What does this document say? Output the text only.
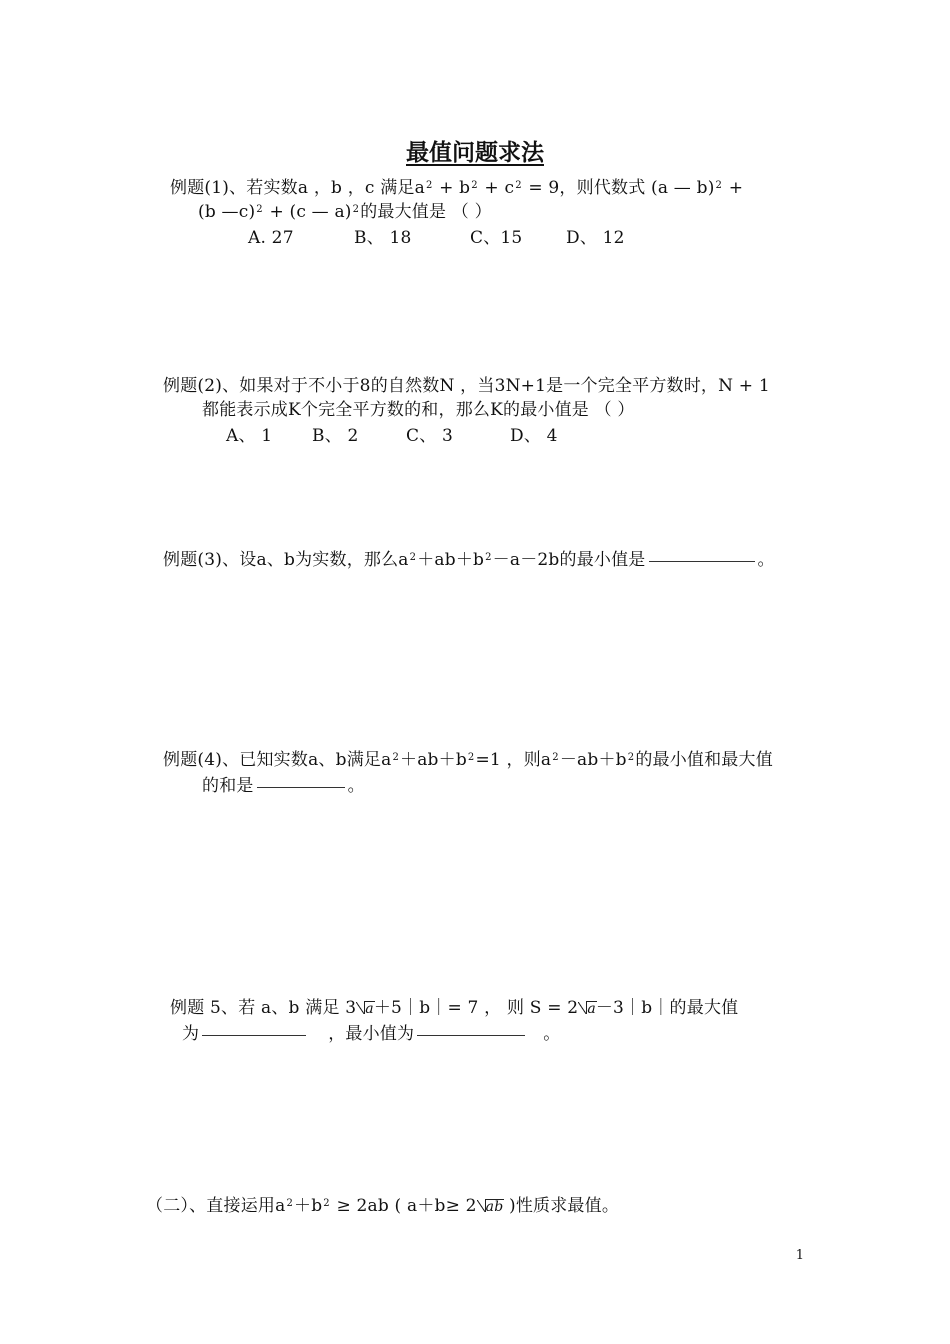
最值问题求法
例题(1)、若实数a ，b ，c 满足$a^2 + b^2 + c^2 = 9$，则代数式 (a — b)$^2$ +
(b —c)$^2$ + (c — a)$^2$的最大值是 （ ）
A. 27	B、 18	C、15	D、 12
例题(2)、如果对于不小于8的自然数N ，当3N+1是一个完全平方数时，N + 1
都能表示成K个完全平方数的和，那么K的最小值是 （ ）
A、 1 B、 2	C、 3	D、 4
例题(3)、设a、b为实数，那么$a^2+ab+b^2-a-2b$的最小值是	。
例题(4)、已知实数a、b满足$a^2+ab+b^2=1$ ，则$a^2-ab+b^2$的最小值和最大值
的和是	。
例题 5、若 a、b 满足 3 a＋5｜b｜= 7 ， 则 S = 2 a－3｜b｜的最大值
为	，最小值为	。
（二）、直接运用$a^2+b^2 \ge 2ab$ ( a＋b≥ 2 ab )性质求最值。
1
